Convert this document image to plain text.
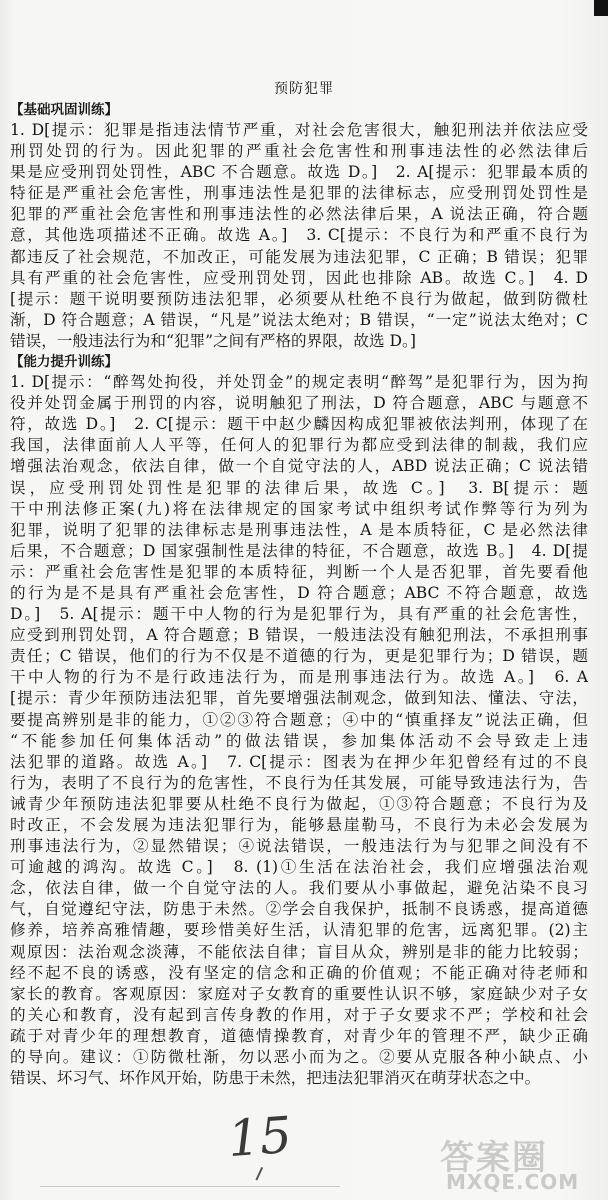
预防犯罪
【基础巩固训练】
1. D[提示：犯罪是指违法情节严重，对社会危害很大，触犯刑法并依法应受
刑罚处罚的行为。因此犯罪的严重社会危害性和刑事违法性的必然法律后
果是应受刑罚处罚性，ABC 不合题意。故选 D。]　2. A[提示：犯罪最本质的
特征是严重社会危害性，刑事违法性是犯罪的法律标志，应受刑罚处罚性是
犯罪的严重社会危害性和刑事违法性的必然法律后果，A 说法正确，符合题
意，其他选项描述不正确。故选 A。]　3. C[提示：不良行为和严重不良行为
都违反了社会规范，不加改正，可能发展为违法犯罪，C 正确；B 错误；犯罪
具有严重的社会危害性，应受刑罚处罚，因此也排除 AB。故选 C。]　4. D
[提示：题干说明要预防违法犯罪，必须要从杜绝不良行为做起，做到防微杜
渐，D 符合题意；A 错误，“凡是”说法太绝对；B 错误，“一定”说法太绝对；C
错误，一般违法行为和“犯罪”之间有严格的界限，故选 D。]
【能力提升训练】
1. D[提示：“醉驾处拘役，并处罚金”的规定表明“醉驾”是犯罪行为，因为拘
役并处罚金属于刑罚的内容，说明触犯了刑法，D 符合题意，ABC 与题意不
符，故选 D。]　2. C[提示：题干中赵少麟因构成犯罪被依法判刑，体现了在
我国，法律面前人人平等，任何人的犯罪行为都应受到法律的制裁，我们应
增强法治观念，依法自律，做一个自觉守法的人，ABD 说法正确；C 说法错
误，应受刑罚处罚性是犯罪的法律后果，故选 C。]　3. B[提示：题
干中刑法修正案(九)将在法律规定的国家考试中组织考试作弊等行为列为
犯罪，说明了犯罪的法律标志是刑事违法性，A 是本质特征，C 是必然法律
后果，不合题意；D 国家强制性是法律的特征，不合题意，故选 B。]　4. D[提
示：严重社会危害性是犯罪的本质特征，判断一个人是否犯罪，首先要看他
的行为是不是具有严重社会危害性，D 符合题意；ABC 不符合题意，故选
D。]　5. A[提示：题干中人物的行为是犯罪行为，具有严重的社会危害性，
应受到刑罚处罚，A 符合题意；B 错误，一般违法没有触犯刑法，不承担刑事
责任；C 错误，他们的行为不仅是不道德的行为，更是犯罪行为；D 错误，题
干中人物的行为不是行政违法行为，而是刑事违法行为。故选 A。]　6. A
[提示：青少年预防违法犯罪，首先要增强法制观念，做到知法、懂法、守法，
要提高辨别是非的能力，①②③符合题意；④中的“慎重择友”说法正确，但
“不能参加任何集体活动”的做法错误，参加集体活动不会导致走上违
法犯罪的道路。故选 A。]　7. C[提示：图表为在押少年犯曾经有过的不良
行为，表明了不良行为的危害性，不良行为任其发展，可能导致违法行为，告
诫青少年预防违法犯罪要从杜绝不良行为做起，①③符合题意；不良行为及
时改正，不会发展为违法犯罪行为，能够悬崖勒马，不良行为未必会发展为
刑事违法行为，②显然错误；④说法错误，一般违法行为与犯罪之间没有不
可逾越的鸿沟。故选 C。]　8. (1)①生活在法治社会，我们应增强法治观
念，依法自律，做一个自觉守法的人。我们要从小事做起，避免沾染不良习
气，自觉遵纪守法，防患于未然。②学会自我保护，抵制不良诱惑，提高道德
修养，培养高雅情趣，要珍惜美好生活，认清犯罪的危害，远离犯罪。(2)主
观原因：法治观念淡薄，不能依法自律；盲目从众，辨别是非的能力比较弱；
经不起不良的诱惑，没有坚定的信念和正确的价值观；不能正确对待老师和
家长的教育。客观原因：家庭对子女教育的重要性认识不够，家庭缺少对子女
的关心和教育，没有起到言传身教的作用，对于子女要求不严；学校和社会
疏于对青少年的理想教育，道德情操教育，对青少年的管理不严，缺少正确
的导向。建议：①防微杜渐，勿以恶小而为之。②要从克服各种小缺点、小
错误、坏习气、坏作风开始，防患于未然，把违法犯罪消灭在萌芽状态之中。
15	答案圈
MXQE.COM
